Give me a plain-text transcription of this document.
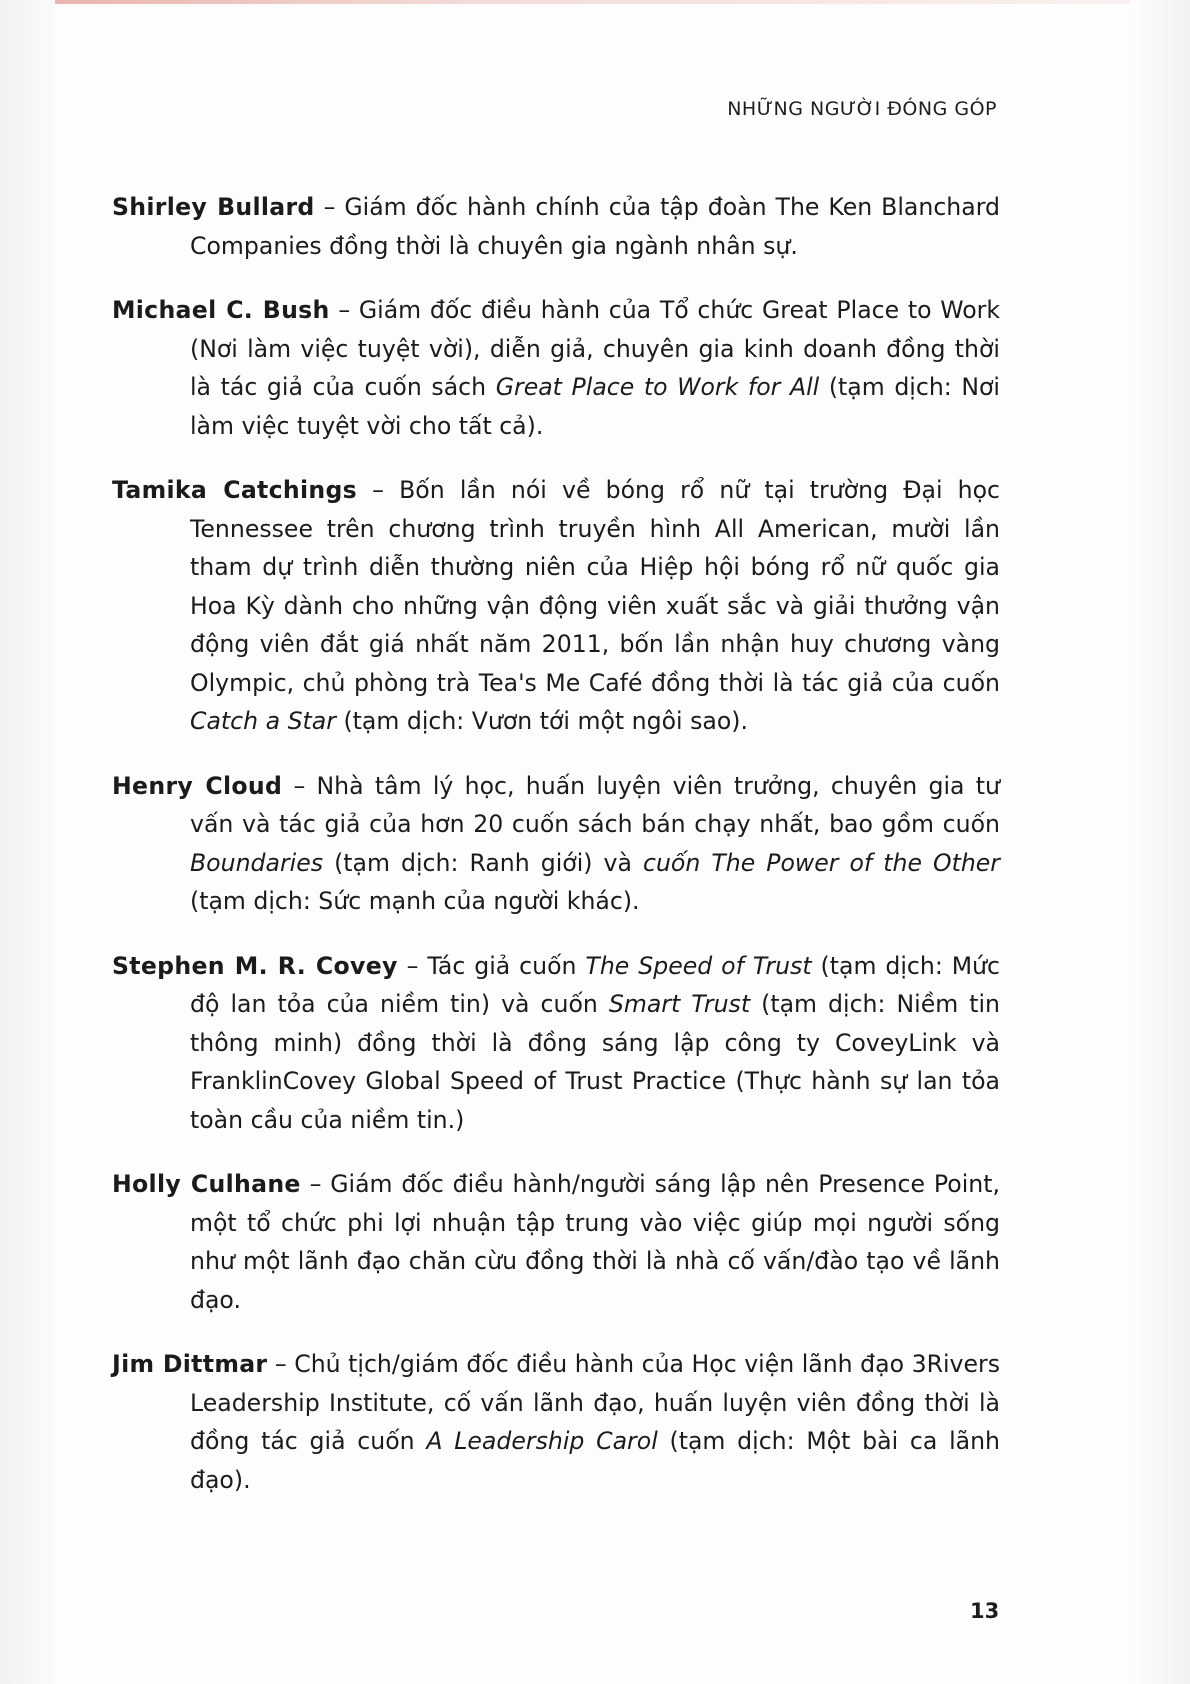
NHỮNG NGƯỜI ĐÓNG GÓP
Shirley Bullard – Giám đốc hành chính của tập đoàn The Ken Blanchard Companies đồng thời là chuyên gia ngành nhân sự.
Michael C. Bush – Giám đốc điều hành của Tổ chức Great Place to Work (Nơi làm việc tuyệt vời), diễn giả, chuyên gia kinh doanh đồng thời là tác giả của cuốn sách Great Place to Work for All (tạm dịch: Nơi làm việc tuyệt vời cho tất cả).
Tamika Catchings – Bốn lần nói về bóng rổ nữ tại trường Đại học Tennessee trên chương trình truyền hình All American, mười lần tham dự trình diễn thường niên của Hiệp hội bóng rổ nữ quốc gia Hoa Kỳ dành cho những vận động viên xuất sắc và giải thưởng vận động viên đắt giá nhất năm 2011, bốn lần nhận huy chương vàng Olympic, chủ phòng trà Tea's Me Café đồng thời là tác giả của cuốn Catch a Star (tạm dịch: Vươn tới một ngôi sao).
Henry Cloud – Nhà tâm lý học, huấn luyện viên trưởng, chuyên gia tư vấn và tác giả của hơn 20 cuốn sách bán chạy nhất, bao gồm cuốn Boundaries (tạm dịch: Ranh giới) và cuốn The Power of the Other (tạm dịch: Sức mạnh của người khác).
Stephen M. R. Covey – Tác giả cuốn The Speed of Trust (tạm dịch: Mức độ lan tỏa của niềm tin) và cuốn Smart Trust (tạm dịch: Niềm tin thông minh) đồng thời là đồng sáng lập công ty CoveyLink và FranklinCovey Global Speed of Trust Practice (Thực hành sự lan tỏa toàn cầu của niềm tin.)
Holly Culhane – Giám đốc điều hành/người sáng lập nên Presence Point, một tổ chức phi lợi nhuận tập trung vào việc giúp mọi người sống như một lãnh đạo chăn cừu đồng thời là nhà cố vấn/đào tạo về lãnh đạo.
Jim Dittmar – Chủ tịch/giám đốc điều hành của Học viện lãnh đạo 3Rivers Leadership Institute, cố vấn lãnh đạo, huấn luyện viên đồng thời là đồng tác giả cuốn A Leadership Carol (tạm dịch: Một bài ca lãnh đạo).
13
